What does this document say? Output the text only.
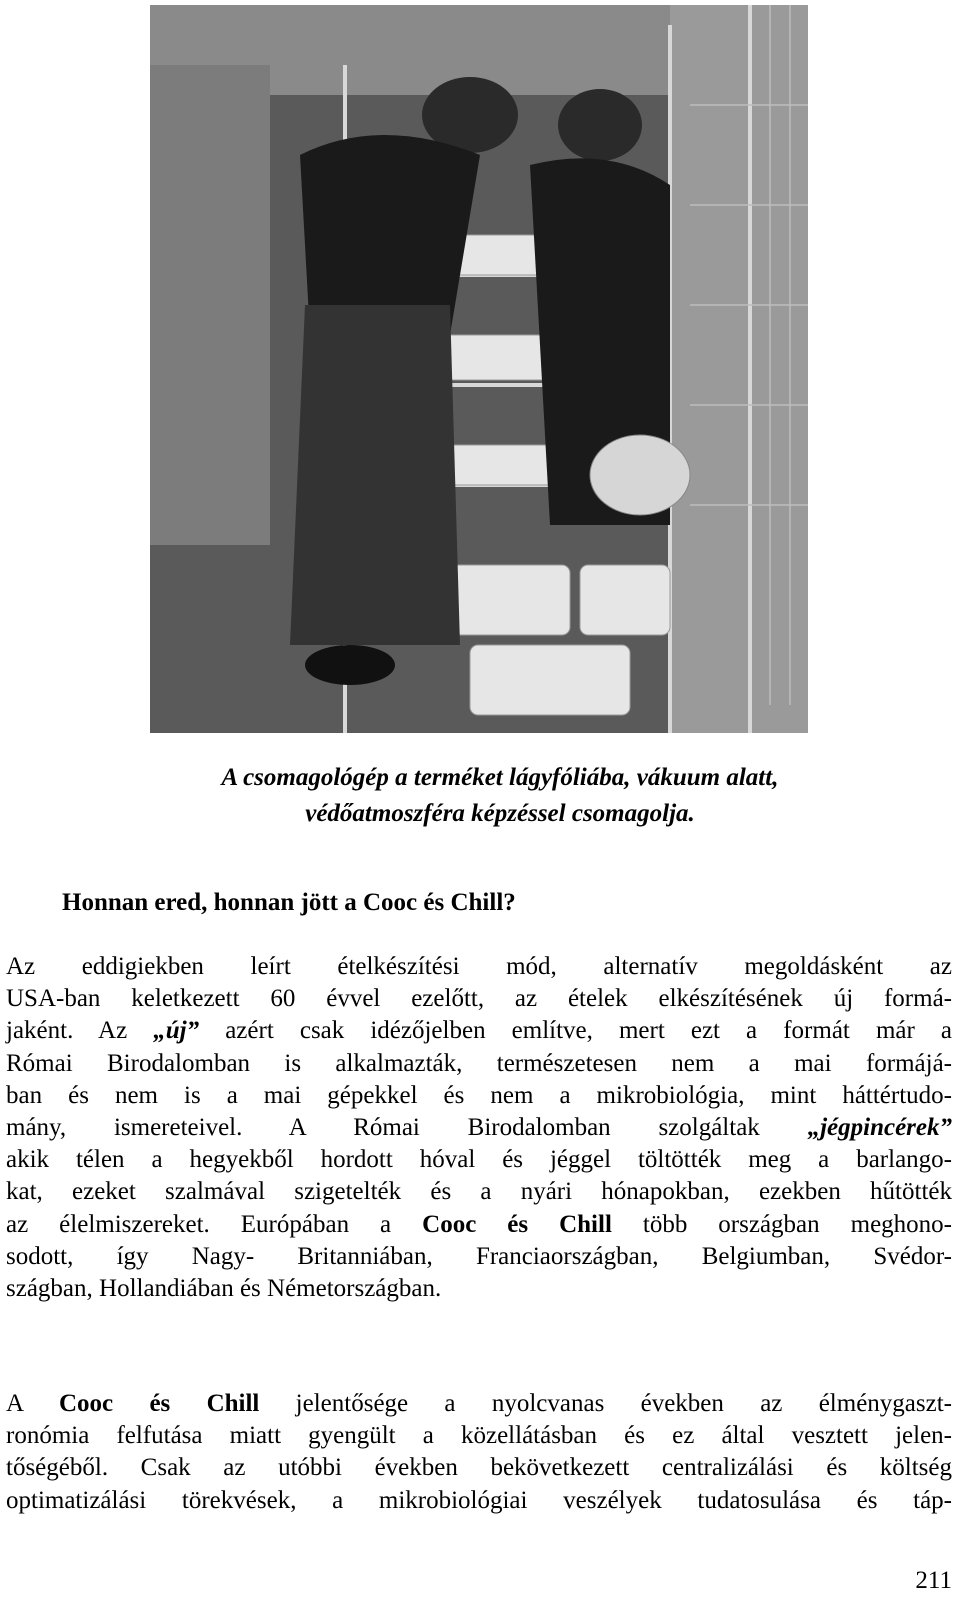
A csomagológép a terméket lágyfóliába, vákuum alatt,
védőatmoszféra képzéssel csomagolja.
Honnan ered, honnan jött a Cooc és Chill?
Az eddigiekben leírt ételkészítési mód, alternatív megoldásként az
USA-ban keletkezett 60 évvel ezelőtt, az ételek elkészítésének új formá-
jaként. Az „új” azért csak idézőjelben említve, mert ezt a formát már a
Római Birodalomban is alkalmazták, természetesen nem a mai formájá-
ban és nem is a mai gépekkel és nem a mikrobiológia, mint háttértudo-
mány, ismereteivel. A Római Birodalomban szolgáltak „jégpincérek”
akik télen a hegyekből hordott hóval és jéggel töltötték meg a barlango-
kat, ezeket szalmával szigetelték és a nyári hónapokban, ezekben hűtötték
az élelmiszereket. Európában a Cooc és Chill több országban meghono-
sodott, így Nagy- Britanniában, Franciaországban, Belgiumban, Svédor-
szágban, Hollandiában és Németországban.
A Cooc és Chill jelentősége a nyolcvanas években az élménygaszt-
ronómia felfutása miatt gyengült a közellátásban és ez által vesztett jelen-
tőségéből. Csak az utóbbi években bekövetkezett centralizálási és költség
optimatizálási törekvések, a mikrobiológiai veszélyek tudatosulása és táp-
211
